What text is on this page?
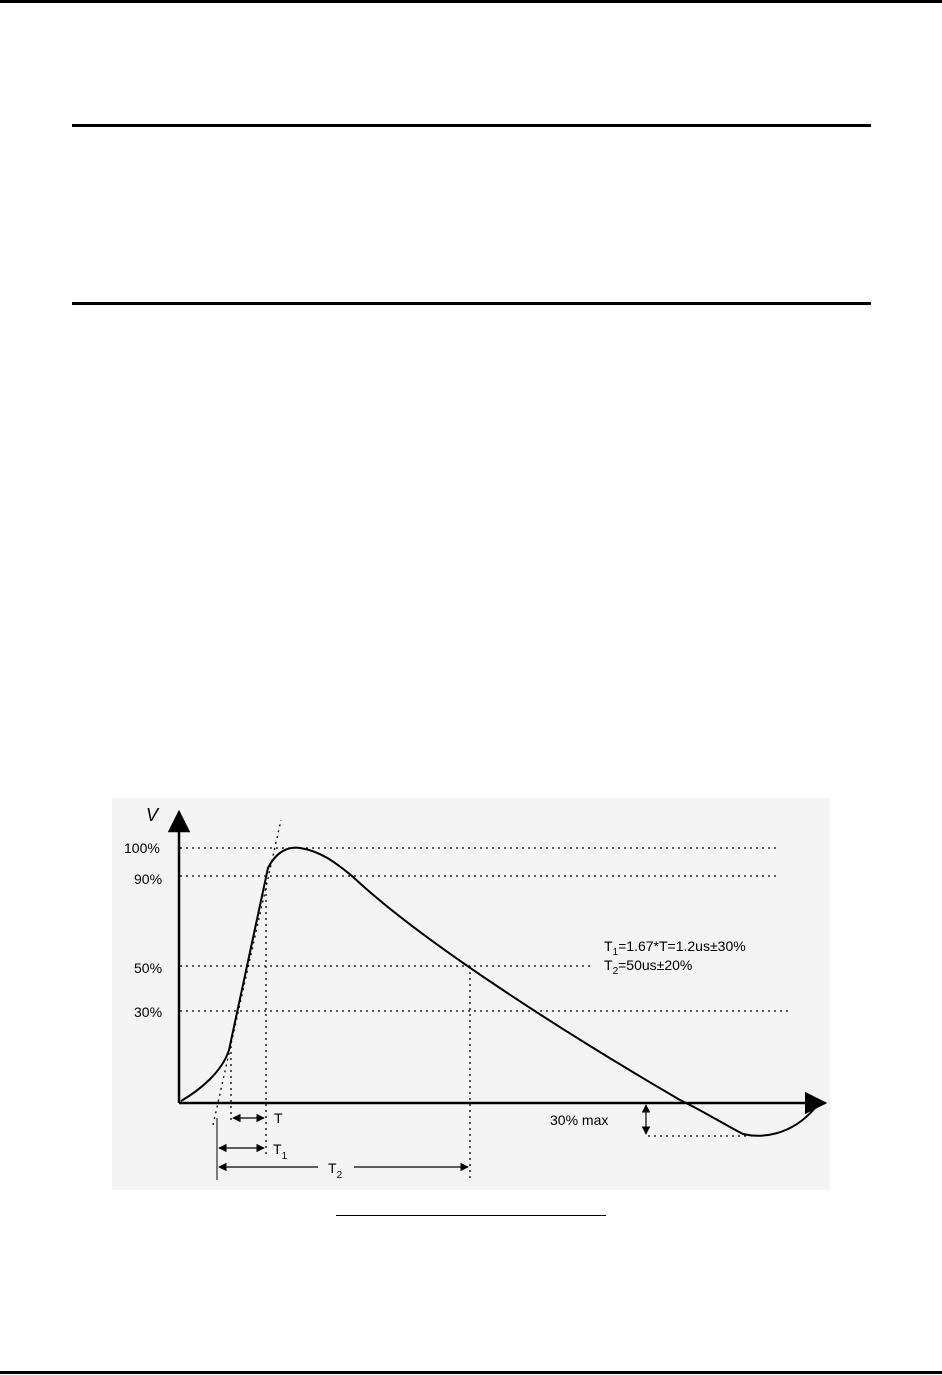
V
100%
90%
50%
30%
T
$T_1$
$T_2$
$T_1=1.67*T=1.2us\pm 30\%$
$T_2=50us\pm 20\%$
30% max
